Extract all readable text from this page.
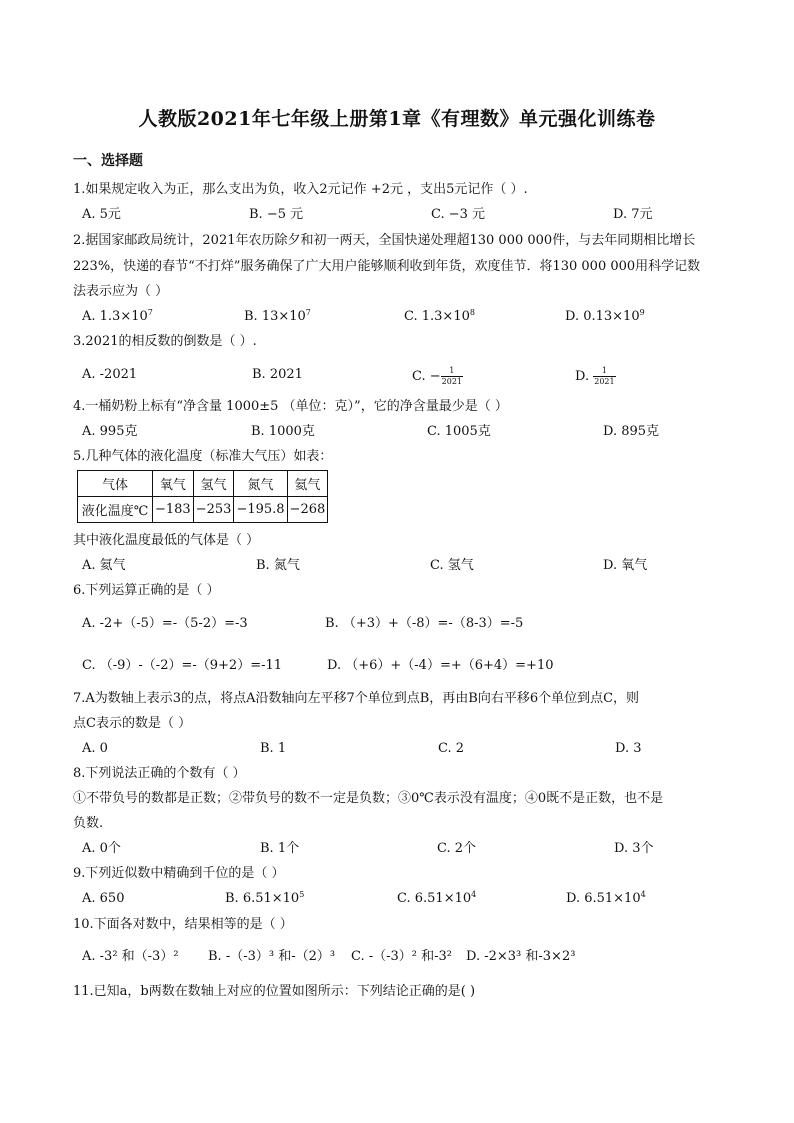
人教版2021年七年级上册第1章《有理数》单元强化训练卷
一、选择题
1.如果规定收入为正，那么支出为负，收入2元记作 +2元 ，支出5元记作（ ）.
A. 5元	B. −5 元	C. −3 元	D. 7元
2.据国家邮政局统计，2021年农历除夕和初一两天，全国快递处理超130 000 000件，与去年同期相比增长
223%，快递的春节“不打烊”服务确保了广大用户能够顺利收到年货，欢度佳节．将130 000 000用科学记数
法表示应为（ ）
A. $1.3\times 10^7$	B. $13\times 10^7$	C. $1.3\times 10^8$	D. $0.13\times 10^9$
3.2021的相反数的倒数是（ ）.
A. -2021	B. 2021	C. − $\frac{1}{2021}$	D. $\frac{1}{2021}$
4.一桶奶粉上标有“净含量 1000±5 （单位：克）”，它的净含量最少是（ ）
A. 995克	B. 1000克	C. 1005克	D. 895克
5.几种气体的液化温度（标准大气压）如表：
气体	氧气	氢气	氮气	氦气
液化温度℃	−183	−253	−195.8	−268
其中液化温度最低的气体是（ ）
A. 氦气	B. 氮气	C. 氢气	D. 氧气
6.下列运算正确的是（ ）
A. -2+（-5）=-（5-2）=-3	B. （+3）+（-8）=-（8-3）=-5
C. （-9）-（-2）=-（9+2）=-11	D. （+6）+（-4）=+（6+4）=+10
7.A为数轴上表示3的点，将点A沿数轴向左平移7个单位到点B，再由B向右平移6个单位到点C，则
点C表示的数是（ ）
A. 0	B. 1	C. 2	D. 3
8.下列说法正确的个数有（ ）
①不带负号的数都是正数；②带负号的数不一定是负数；③0℃表示没有温度；④0既不是正数，也不是
负数.
A. 0个	B. 1个	C. 2个	D. 3个
9.下列近似数中精确到千位的是（ ）
A. 650	B. $6.51\times 10^5$	C. $6.51\times 10^4$	D. $6.51\times 10^4$
10.下面各对数中，结果相等的是（ ）
A. -3² 和（-3）² B. -（-3）³ 和-（2）³ C. -（-3）² 和-3² D. -2×3³ 和-3×2³
11.已知a，b两数在数轴上对应的位置如图所示：下列结论正确的是( )
